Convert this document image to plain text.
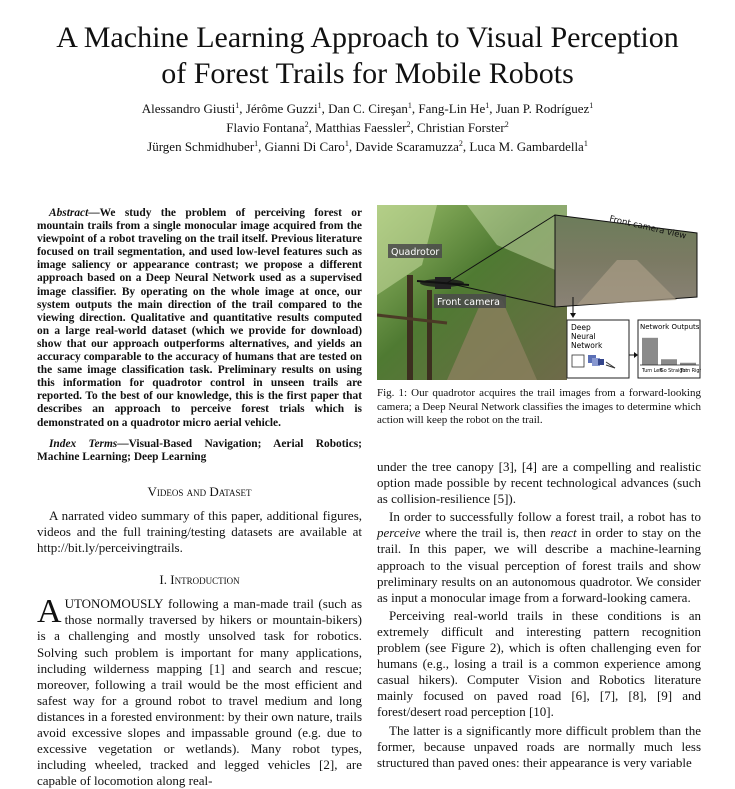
A Machine Learning Approach to Visual Perception
of Forest Trails for Mobile Robots
Alessandro Giusti$^1$, Jérôme Guzzi$^1$, Dan C. Cireşan$^1$, Fang-Lin He$^1$, Juan P. Rodríguez$^1$
Flavio Fontana$^2$, Matthias Faessler$^2$, Christian Forster$^2$
Jürgen Schmidhuber$^1$, Gianni Di Caro$^1$, Davide Scaramuzza$^2$, Luca M. Gambardella$^1$

Abstract—We study the problem of perceiving forest or mountain trails from a single monocular image acquired from the viewpoint of a robot traveling on the trail itself. Previous literature focused on trail segmentation, and used low-level features such as image saliency or appearance contrast; we propose a different approach based on a Deep Neural Network used as a supervised image classifier. By operating on the whole image at once, our system outputs the main direction of the trail compared to the viewing direction. Qualitative and quantitative results computed on a large real-world dataset (which we provide for download) show that our approach outperforms alternatives, and yields an accuracy comparable to the accuracy of humans that are tested on the same image classification task. Preliminary results on using this information for quadrotor control in unseen trails are reported. To the best of our knowledge, this is the first paper that describes an approach to perceive forest trials which is demonstrated on a quadrotor micro aerial vehicle.

Index Terms—Visual-Based Navigation; Aerial Robotics; Machine Learning; Deep Learning

Videos and Dataset

A narrated video summary of this paper, additional figures, videos and the full training/testing datasets are available at http://bit.ly/perceivingtrails.

I. Introduction

AUTONOMOUSLY following a man-made trail (such as those normally traversed by hikers or mountain-bikers) is a challenging and mostly unsolved task for robotics. Solving such problem is important for many applications, including wilderness mapping [1] and search and rescue; moreover, following a trail would be the most efficient and safest way for a ground robot to travel medium and long distances in a forested environment: by their own nature, trails avoid excessive slopes and impassable ground (e.g. due to excessive vegetation or wetlands). Many robot types, including wheeled, tracked and legged vehicles [2], are capable of locomotion along real-

Quadrotor
Front camera
Front camera view
Deep
Neural
Network
Network Outputs
Turn Left
Go Straight
Turn Rig
Fig. 1: Our quadrotor acquires the trail images from a forward-looking camera; a Deep Neural Network classifies the images to determine which action will keep the robot on the trail.

under the tree canopy [3], [4] are a compelling and realistic option made possible by recent technological advances (such as collision-resilience [5]).

In order to successfully follow a forest trail, a robot has to perceive where the trail is, then react in order to stay on the trail. In this paper, we will describe a machine-learning approach to the visual perception of forest trails and show preliminary results on an autonomous quadrotor. We consider as input a monocular image from a forward-looking camera.

Perceiving real-world trails in these conditions is an extremely difficult and interesting pattern recognition problem (see Figure 2), which is often challenging even for humans (e.g., losing a trail is a common experience among casual hikers). Computer Vision and Robotics literature mainly focused on paved road [6], [7], [8], [9] and forest/desert road perception [10].

The latter is a significantly more difficult problem than the former, because unpaved roads are normally much less structured than paved ones: their appearance is very variable
